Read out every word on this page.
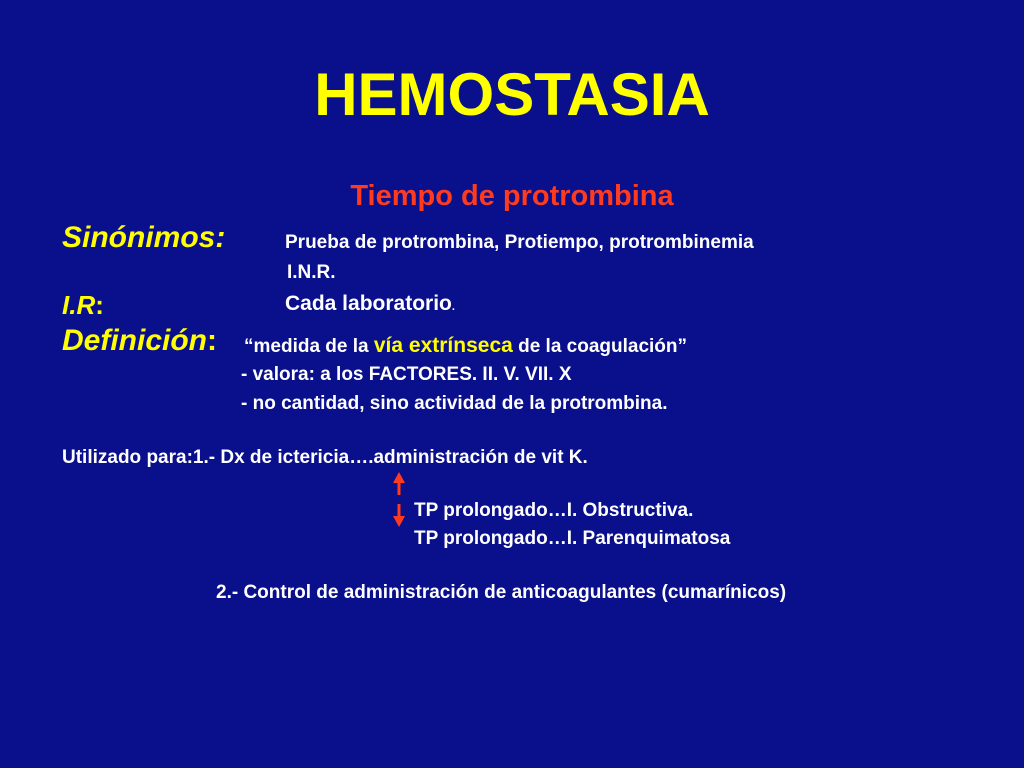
HEMOSTASIA
Tiempo de protrombina
Sinónimos:	Prueba de protrombina, Protiempo, protrombinemia
I.N.R.
I.R:	Cada laboratorio.
Definición: “medida de la vía extrínseca de la coagulación”
- valora: a los FACTORES. II. V. VII. X
- no cantidad, sino actividad de la protrombina.
Utilizado para:1.- Dx de ictericia….administración de vit K.
TP prolongado…I. Obstructiva.
TP prolongado…I. Parenquimatosa
2.- Control de administración de anticoagulantes (cumarínicos)
